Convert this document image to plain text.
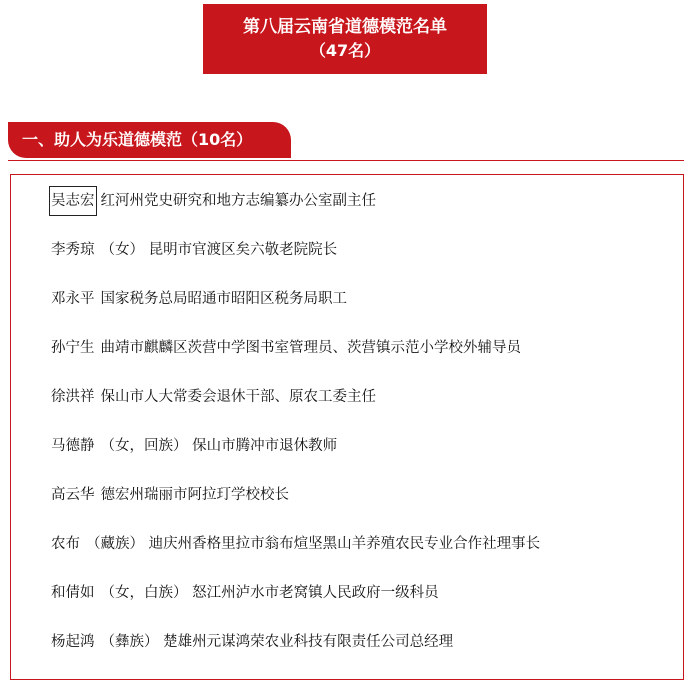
第八届云南省道德模范名单
（47名）
一、助人为乐道德模范（10名）
吴志宏 红河州党史研究和地方志编纂办公室副主任
李秀琼 （女） 昆明市官渡区矣六敬老院院长
邓永平 国家税务总局昭通市昭阳区税务局职工
孙宁生 曲靖市麒麟区茨营中学图书室管理员、茨营镇示范小学校外辅导员
徐洪祥 保山市人大常委会退休干部、原农工委主任
马德静 （女，回族） 保山市腾冲市退休教师
高云华 德宏州瑞丽市阿拉玎学校校长
农布 （藏族） 迪庆州香格里拉市翁布煊坚黑山羊养殖农民专业合作社理事长
和倩如 （女，白族） 怒江州泸水市老窝镇人民政府一级科员
杨起鸿 （彝族） 楚雄州元谋鸿荣农业科技有限责任公司总经理
